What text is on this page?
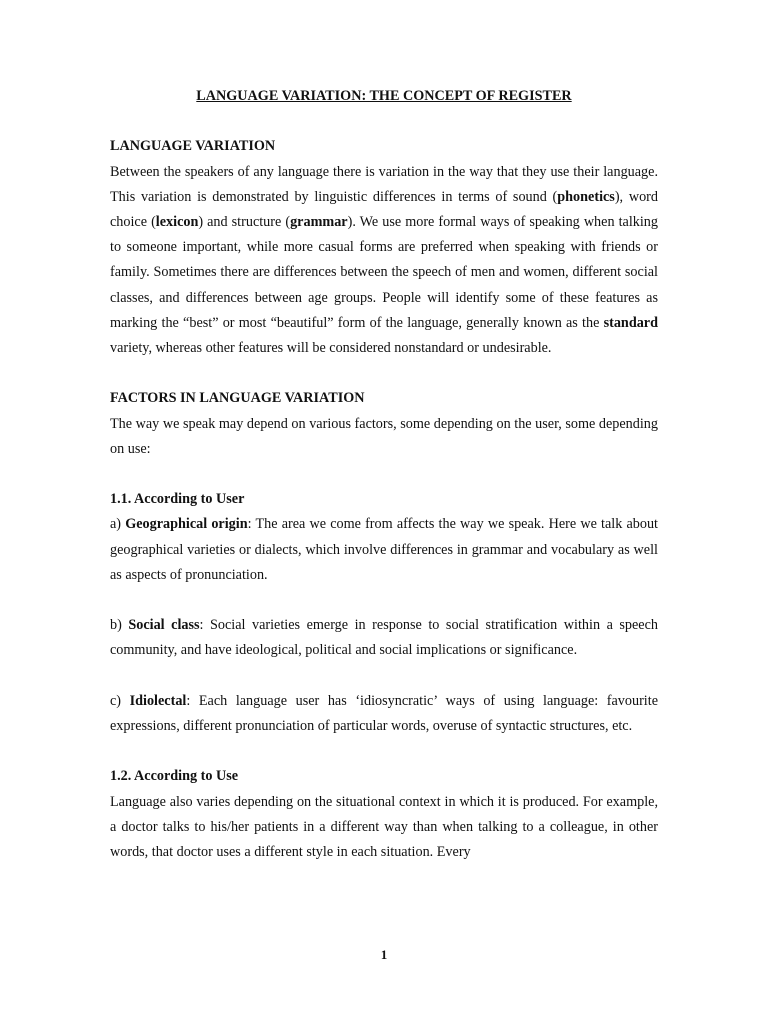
LANGUAGE VARIATION: THE CONCEPT OF REGISTER

LANGUAGE VARIATION

Between the speakers of any language there is variation in the way that they use their language. This variation is demonstrated by linguistic differences in terms of sound (phonetics), word choice (lexicon) and structure (grammar). We use more formal ways of speaking when talking to someone important, while more casual forms are preferred when speaking with friends or family. Sometimes there are differences between the speech of men and women, different social classes, and differences between age groups. People will identify some of these features as marking the “best” or most “beautiful” form of the language, generally known as the standard variety, whereas other features will be considered nonstandard or undesirable.

FACTORS IN LANGUAGE VARIATION

The way we speak may depend on various factors, some depending on the user, some depending on use:

1.1. According to User

a) Geographical origin: The area we come from affects the way we speak. Here we talk about geographical varieties or dialects, which involve differences in grammar and vocabulary as well as aspects of pronunciation.

b) Social class: Social varieties emerge in response to social stratification within a speech community, and have ideological, political and social implications or significance.

c) Idiolectal: Each language user has ‘idiosyncratic’ ways of using language: favourite expressions, different pronunciation of particular words, overuse of syntactic structures, etc.

1.2. According to Use

Language also varies depending on the situational context in which it is produced. For example, a doctor talks to his/her patients in a different way than when talking to a colleague, in other words, that doctor uses a different style in each situation. Every

1
